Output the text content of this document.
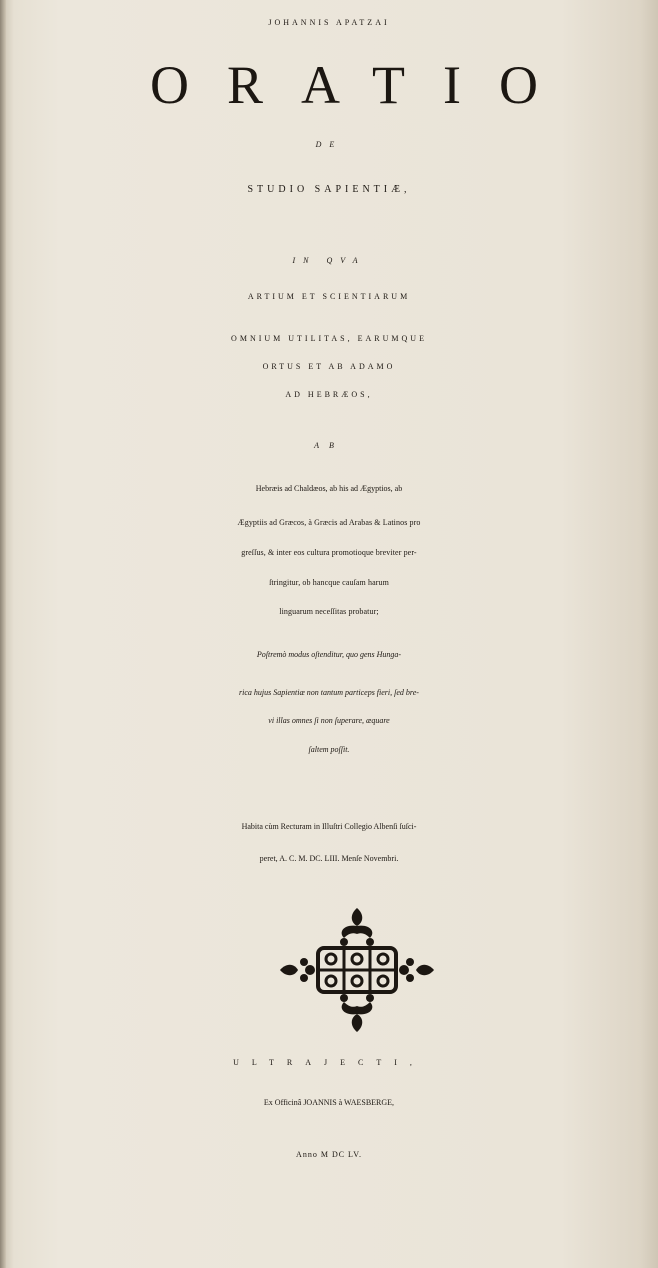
JOHANNIS APATZAI
ORATIO
DE
STUDIO SAPIENTIÆ,
IN QVA
ARTIUM ET SCIENTIARUM
OMNIUM UTILITAS, EARUMQUE
ORTUS ET AB ADAMO
AD HEBRÆOS,
AB
Hebræis ad Chaldæos, ab his ad Ægyptios, ab
Ægyptiis ad Græcos, à Græcis ad Arabas & Latinos pro
greſſus, & inter eos cultura promotioque breviter per-
ſtringitur, ob hancque cauſam harum
linguarum neceſſitas probatur;
Poſtremò modus oſtenditur, quo gens Hunga-
rica hujus Sapientiæ non tantum particeps fieri, ſed bre-
vi illas omnes ſi non ſuperare, æquare
ſaltem poſſit.
Habita cùm Recturam in Illuſtri Collegio Albenſi ſuſci-
peret, A. C. M. DC. LIII. Menſe Novembri.
ULTRAJECTI,
Ex Officinâ JOANNIS à WAESBERGE,
Anno M DC LV.
